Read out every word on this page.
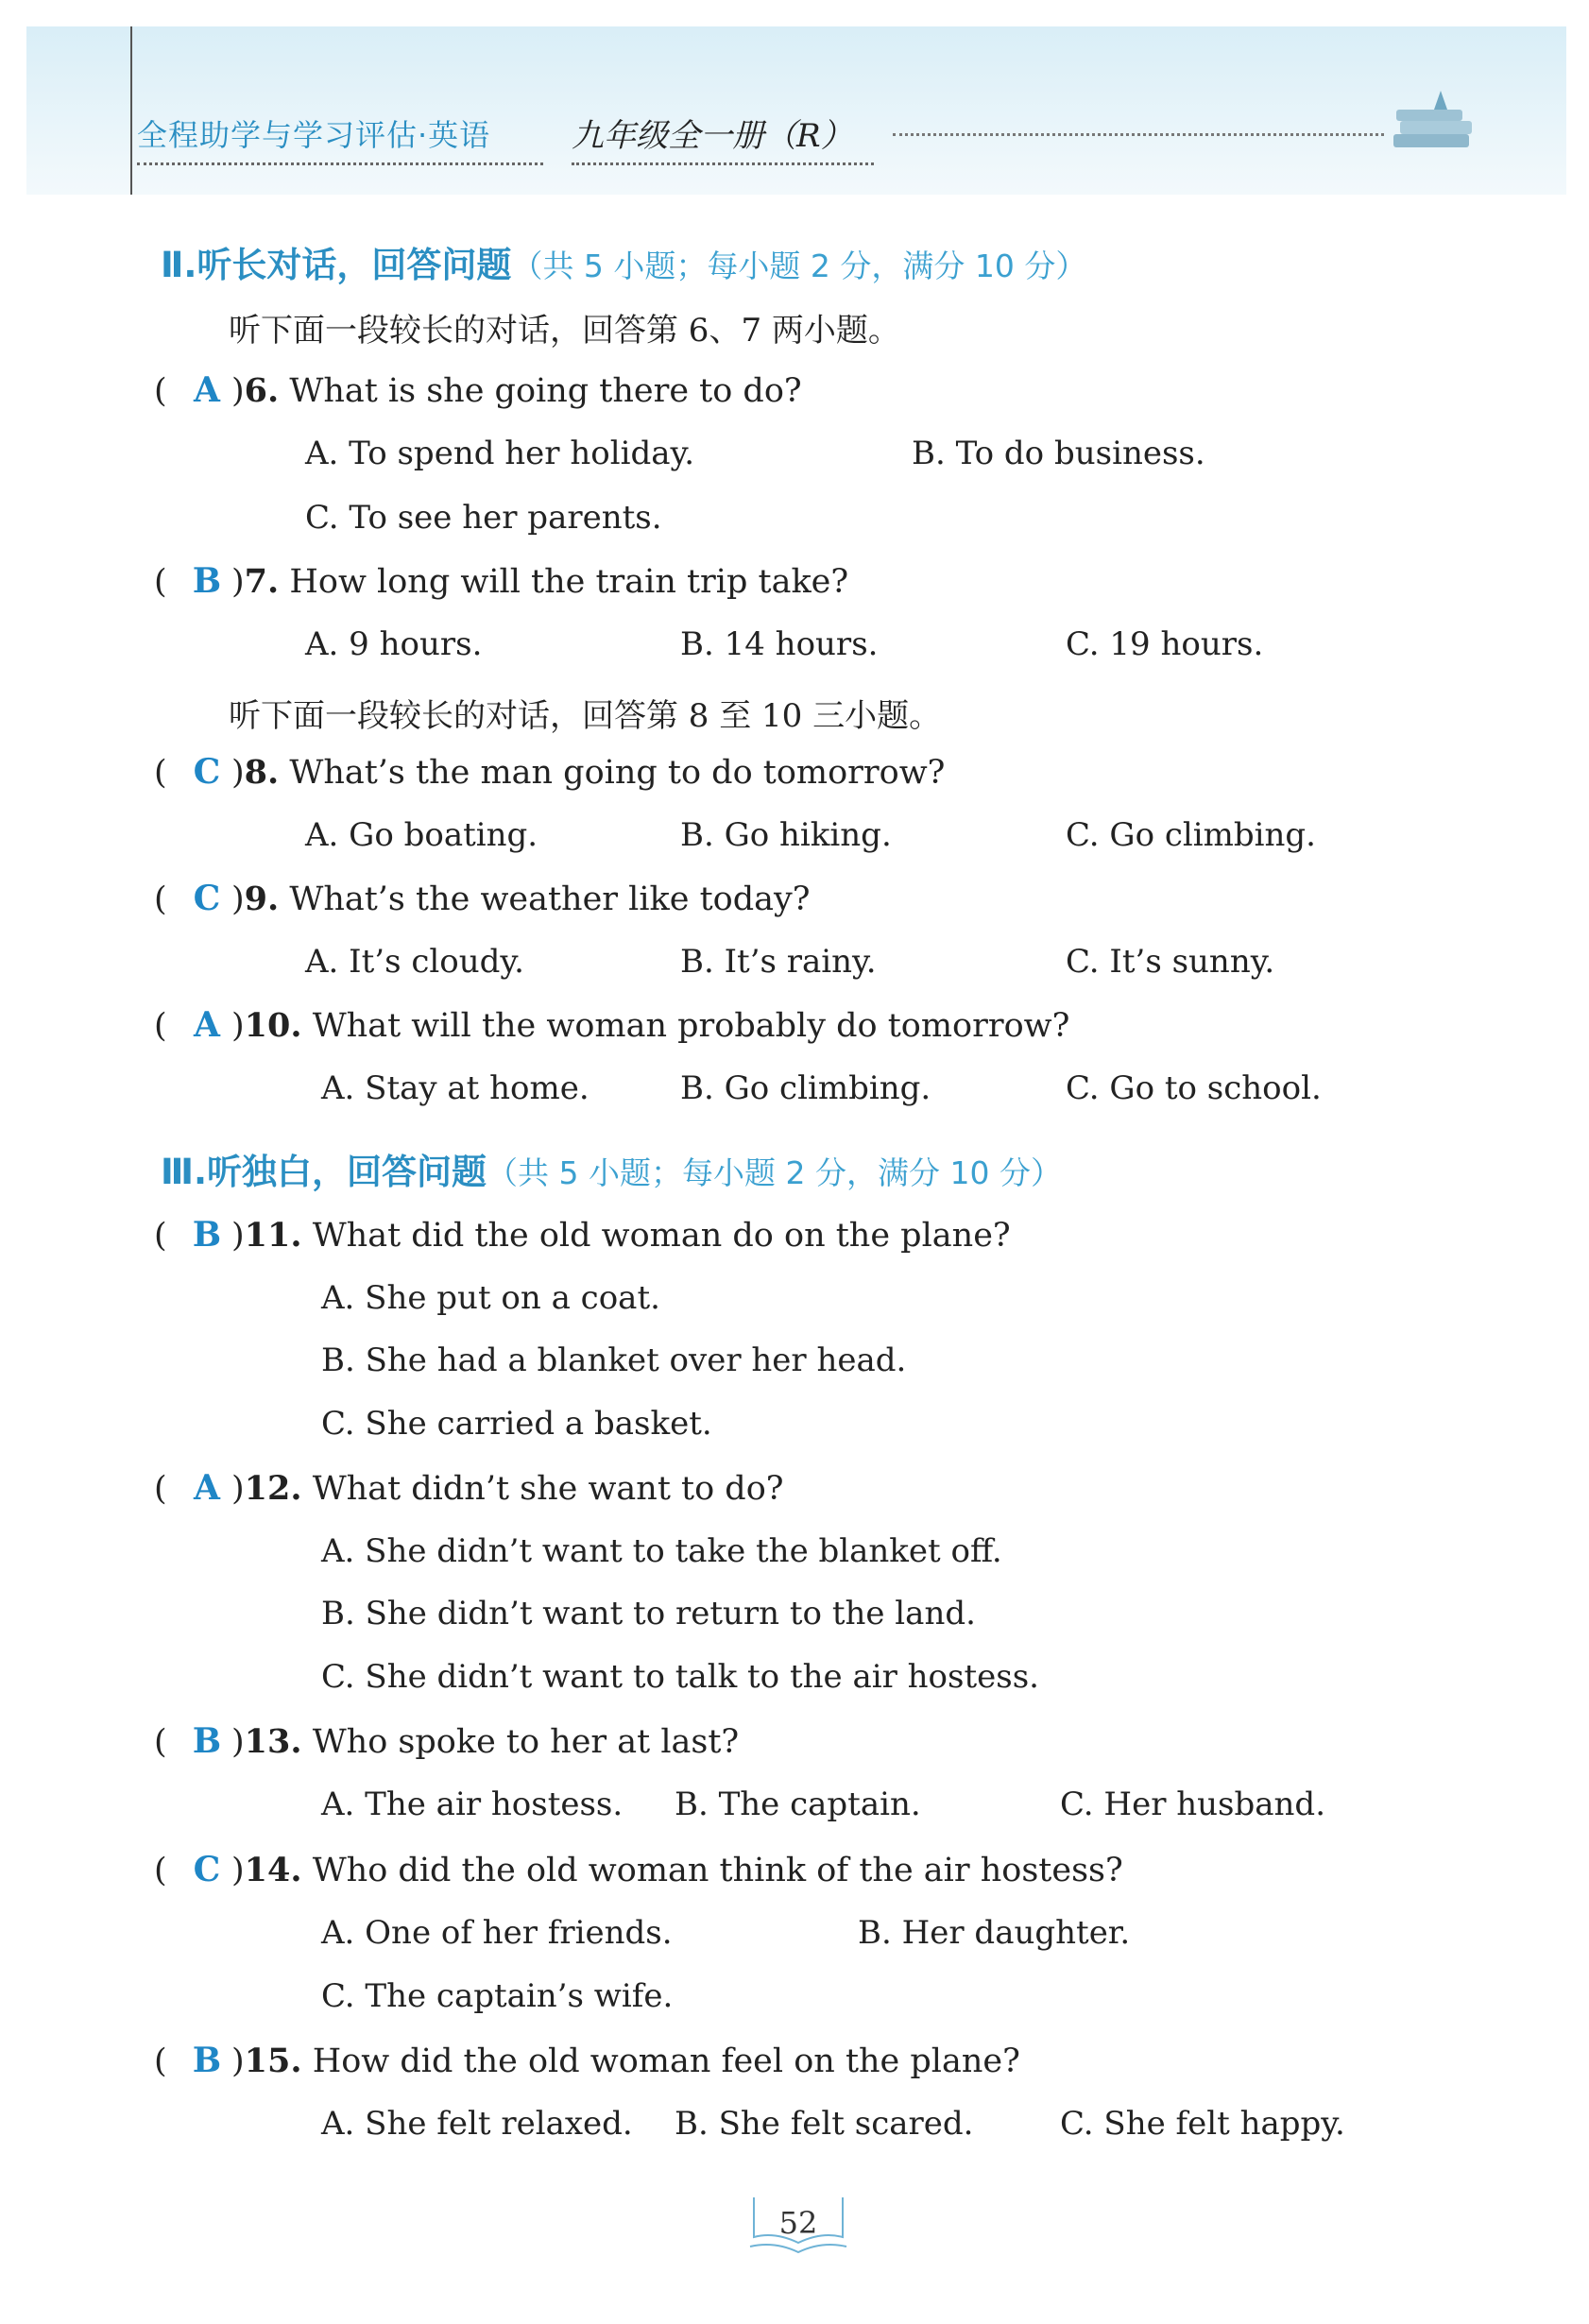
全程助学与学习评估·英语	九年级全一册（R）
Ⅱ.听长对话，回答问题（共 5 小题；每小题 2 分，满分 10 分）
听下面一段较长的对话，回答第 6、7 两小题。
( A )6. What is she going there to do?
A. To spend her holiday.	B. To do business.
C. To see her parents.
( B )7. How long will the train trip take?
A. 9 hours.	B. 14 hours.	C. 19 hours.
听下面一段较长的对话，回答第 8 至 10 三小题。
( C )8. What’s the man going to do tomorrow?
A. Go boating.	B. Go hiking.	C. Go climbing.
( C )9. What’s the weather like today?
A. It’s cloudy.	B. It’s rainy.	C. It’s sunny.
( A )10. What will the woman probably do tomorrow?
A. Stay at home.	B. Go climbing.	C. Go to school.
Ⅲ.听独白，回答问题（共 5 小题；每小题 2 分，满分 10 分）
( B )11. What did the old woman do on the plane?
A. She put on a coat.
B. She had a blanket over her head.
C. She carried a basket.
( A )12. What didn’t she want to do?
A. She didn’t want to take the blanket off.
B. She didn’t want to return to the land.
C. She didn’t want to talk to the air hostess.
( B )13. Who spoke to her at last?
A. The air hostess. B. The captain.	C. Her husband.
( C )14. Who did the old woman think of the air hostess?
A. One of her friends.	B. Her daughter.
C. The captain’s wife.
( B )15. How did the old woman feel on the plane?
A. She felt relaxed. B. She felt scared.	C. She felt happy.
52
